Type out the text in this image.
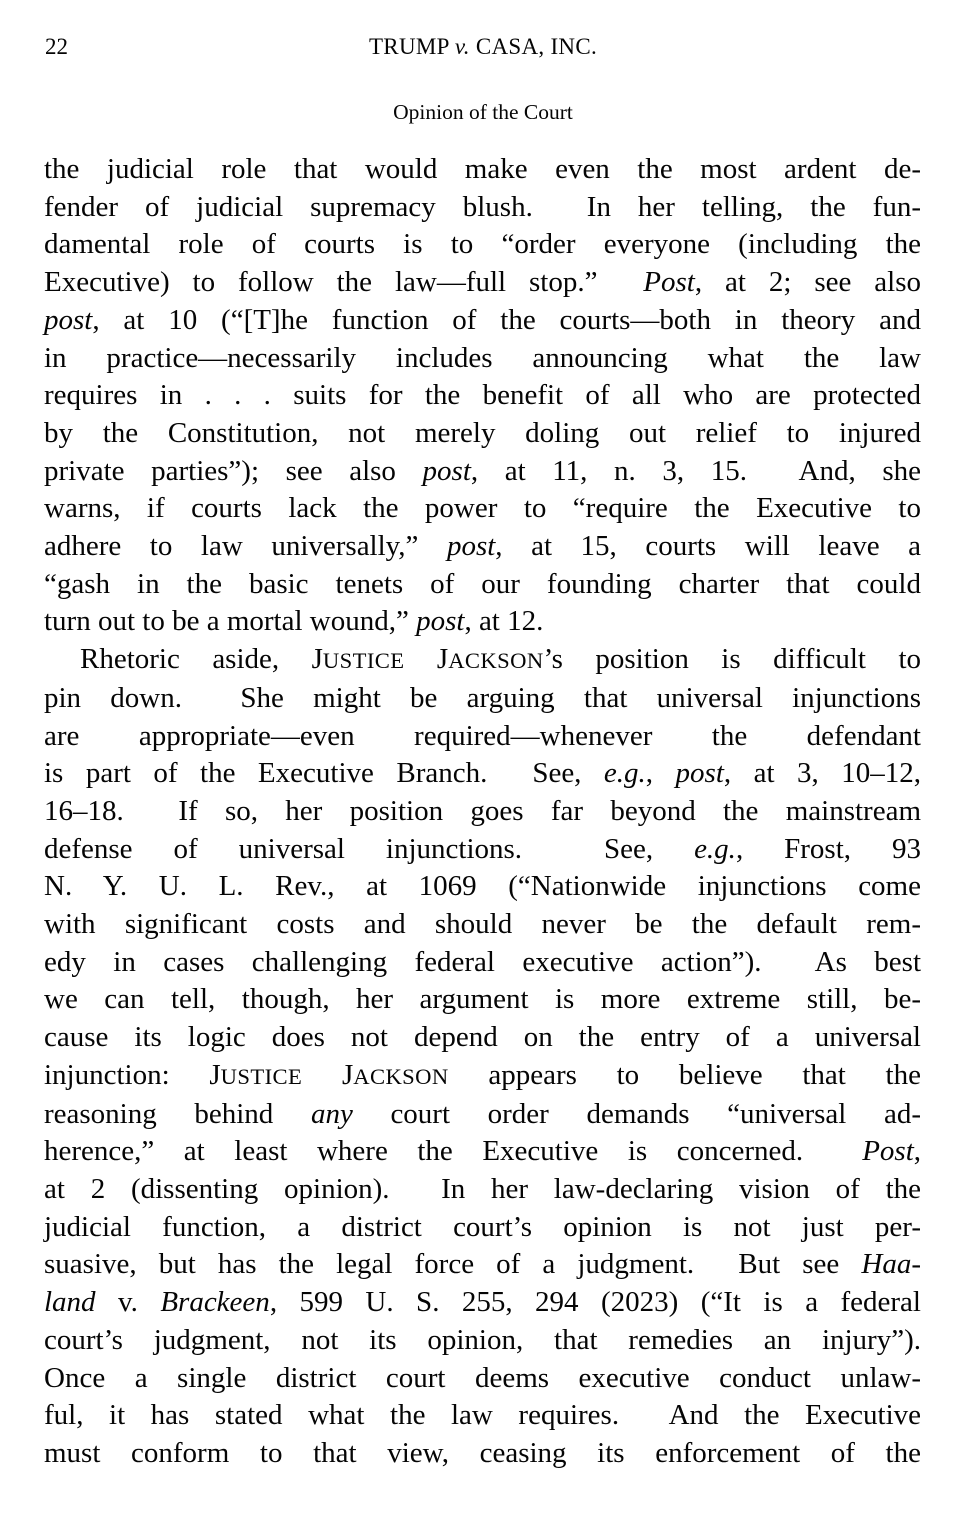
22	TRUMP v. CASA, INC.
Opinion of the Court
the judicial role that would make even the most ardent de-
fender of judicial supremacy blush.  In her telling, the fun-
damental role of courts is to “order everyone (including the
Executive) to follow the law—full stop.”  Post, at 2; see also
post, at 10 (“[T]he function of the courts—both in theory and
in practice—necessarily includes announcing what the law
requires in . . . suits for the benefit of all who are protected
by the Constitution, not merely doling out relief to injured
private parties”); see also post, at 11, n. 3, 15.  And, she
warns, if courts lack the power to “require the Executive to
adhere to law universally,” post, at 15, courts will leave a
“gash in the basic tenets of our founding charter that could
turn out to be a mortal wound,” post, at 12.
Rhetoric aside, JUSTICE JACKSON’s position is difficult to
pin down.  She might be arguing that universal injunctions
are appropriate—even required—whenever the defendant
is part of the Executive Branch.  See, e.g., post, at 3, 10–12,
16–18.  If so, her position goes far beyond the mainstream
defense of universal injunctions.  See, e.g., Frost, 93
N. Y. U. L. Rev., at 1069 (“Nationwide injunctions come
with significant costs and should never be the default rem-
edy in cases challenging federal executive action”).  As best
we can tell, though, her argument is more extreme still, be-
cause its logic does not depend on the entry of a universal
injunction: JUSTICE JACKSON appears to believe that the
reasoning behind any court order demands “universal ad-
herence,” at least where the Executive is concerned.  Post,
at 2 (dissenting opinion).  In her law-declaring vision of the
judicial function, a district court’s opinion is not just per-
suasive, but has the legal force of a judgment.  But see Haa-
land v. Brackeen, 599 U. S. 255, 294 (2023) (“It is a federal
court’s judgment, not its opinion, that remedies an injury”).
Once a single district court deems executive conduct unlaw-
ful, it has stated what the law requires.  And the Executive
must conform to that view, ceasing its enforcement of the
